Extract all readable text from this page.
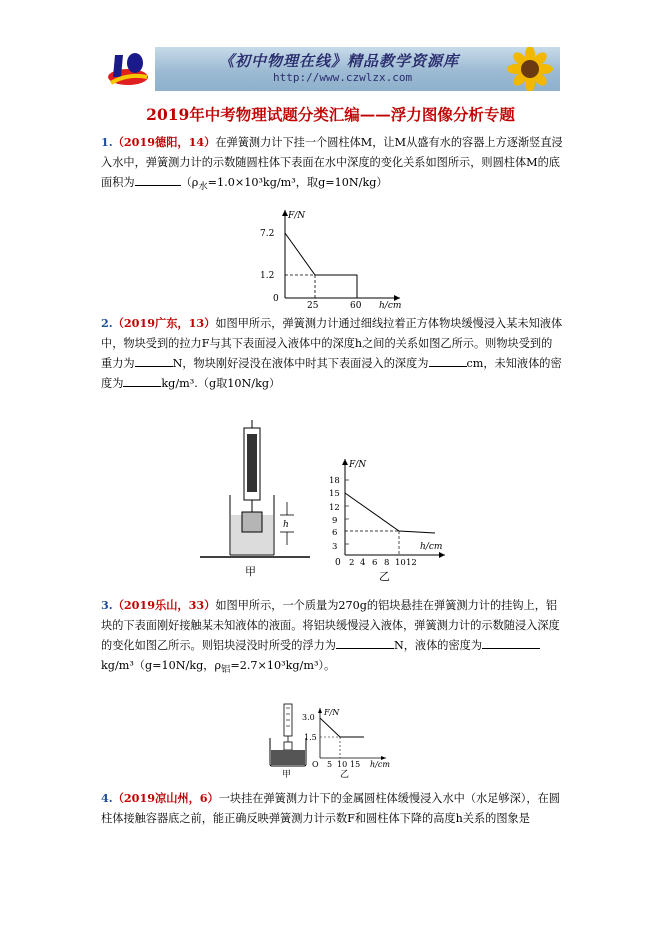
《初中物理在线》精品教学资源库
http://www.czwlzx.com
2019年中考物理试题分类汇编——浮力图像分析专题
1.（2019德阳，14）在弹簧测力计下挂一个圆柱体M，让M从盛有水的容器上方逐渐竖直浸入水中，弹簧测力计的示数随圆柱体下表面在水中深度的变化关系如图所示，则圆柱体M的底面积为	（$\rho_水=1.0\times 10^3kg/m^3$，取g=10N/kg）
F/N
h/cm
0
7.2
1.2
25	60
2.（2019广东，13）如图甲所示，弹簧测力计通过细线拉着正方体物块缓慢浸入某未知液体中，物块受到的拉力F与其下表面浸入液体中的深度h之间的关系如图乙所示。则物块受到的重力为	N，物块刚好浸没在液体中时其下表面浸入的深度为	cm，未知液体的密度为	kg/m³.（g取10N/kg）
h
甲
F/N
h/cm
0
18
15
12
9
6
3
2 4 6 8 10 12
乙
3.（2019乐山，33）如图甲所示，一个质量为270g的铝块悬挂在弹簧测力计的挂钩上，铝块的下表面刚好接触某未知液体的液面。将铝块缓慢浸入液体，弹簧测力计的示数随浸入深度的变化如图乙所示。则铝块浸没时所受的浮力为	N，液体的密度为kg/m³（g=10N/kg，$\rho_铝=2.7\times 10^3kg/m^3$）。
甲
F/N
h/cm
O
3.0
1.5
5 10 15
乙
4.（2019凉山州，6）一块挂在弹簧测力计下的金属圆柱体缓慢浸入水中（水足够深），在圆柱体接触容器底之前，能正确反映弹簧测力计示数F和圆柱体下降的高度h关系的图象是
